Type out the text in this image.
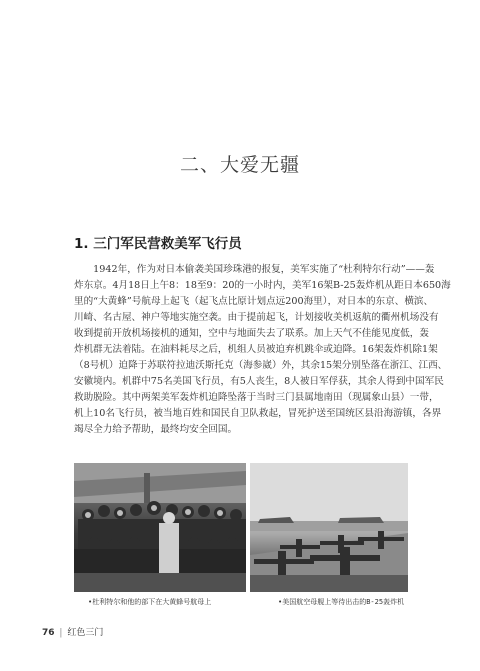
二、大爱无疆
1. 三门军民营救美军飞行员

　　1942年，作为对日本偷袭美国珍珠港的报复，美军实施了“杜利特尔行动”——轰
炸东京。4月18日上午8：18至9：20的一小时内，美军16架B-25轰炸机从距日本650海
里的“大黄蜂”号航母上起飞（起飞点比原计划点远200海里），对日本的东京、横滨、
川崎、名古屋、神户等地实施空袭。由于提前起飞，计划接收美机返航的衢州机场没有
收到提前开放机场接机的通知，空中与地面失去了联系。加上天气不佳能见度低，轰
炸机群无法着陆。在油料耗尽之后，机组人员被迫弃机跳伞或迫降。16架轰炸机除1架
（8号机）迫降于苏联符拉迪沃斯托克（海参崴）外，其余15架分别坠落在浙江、江西、
安徽境内。机群中75名美国飞行员，有5人丧生，8人被日军俘获，其余人得到中国军民
救助脱险。其中两架美军轰炸机迫降坠落于当时三门县属地南田（现属象山县）一带，
机上10名飞行员，被当地百姓和国民自卫队救起，冒死护送至国统区县沿海游镇，各界
竭尽全力给予帮助，最终均安全回国。

•杜利特尔和他的部下在大黄蜂号航母上	•美国航空母舰上等待出击的B-25轰炸机
76 | 红色三门
